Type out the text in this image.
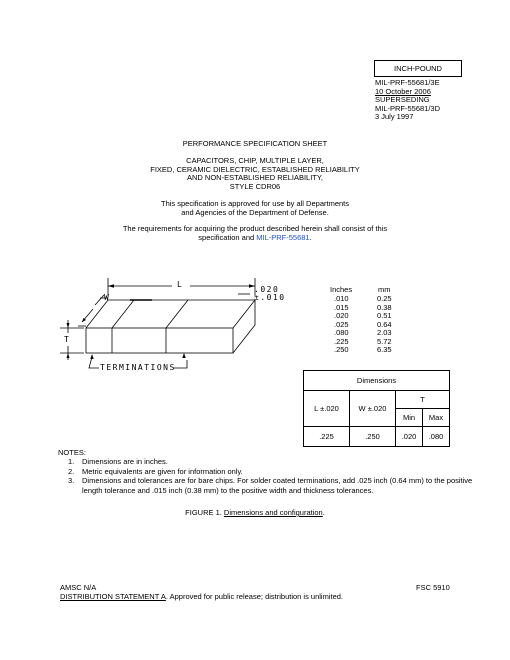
INCH-POUND
MIL-PRF-55681/3E
10 October 2006
SUPERSEDING
MIL-PRF-55681/3D
3 July 1997
PERFORMANCE SPECIFICATION SHEET
CAPACITORS, CHIP, MULTIPLE LAYER,
FIXED, CERAMIC DIELECTRIC, ESTABLISHED RELIABILITY
AND NON-ESTABLISHED RELIABILITY,
STYLE CDR06
This specification is approved for use by all Departments
and Agencies of the Department of Defense.
The requirements for acquiring the product described herein shall consist of this
specification and MIL-PRF-55681.
L
W
T
.020
±.010
TERMINATIONS
Inches	mm
.010	0.25
.015	0.38
.020	0.51
.025	0.64
.080	2.03
.225	5.72
.250	6.35
Dimensions			
L ±.020	W ±.020	T	
		Min	Max
.225	.250	.020	.080
NOTES:
1. Dimensions are in inches.
2. Metric equivalents are given for information only.
3. Dimensions and tolerances are for bare chips. For solder coated terminations, add .025 inch (0.64 mm) to the positive length tolerance and .015 inch (0.38 mm) to the positive width and thickness tolerances.
FIGURE 1. Dimensions and configuration.
AMSC N/A	FSC 5910
DISTRIBUTION STATEMENT A. Approved for public release; distribution is unlimited.
